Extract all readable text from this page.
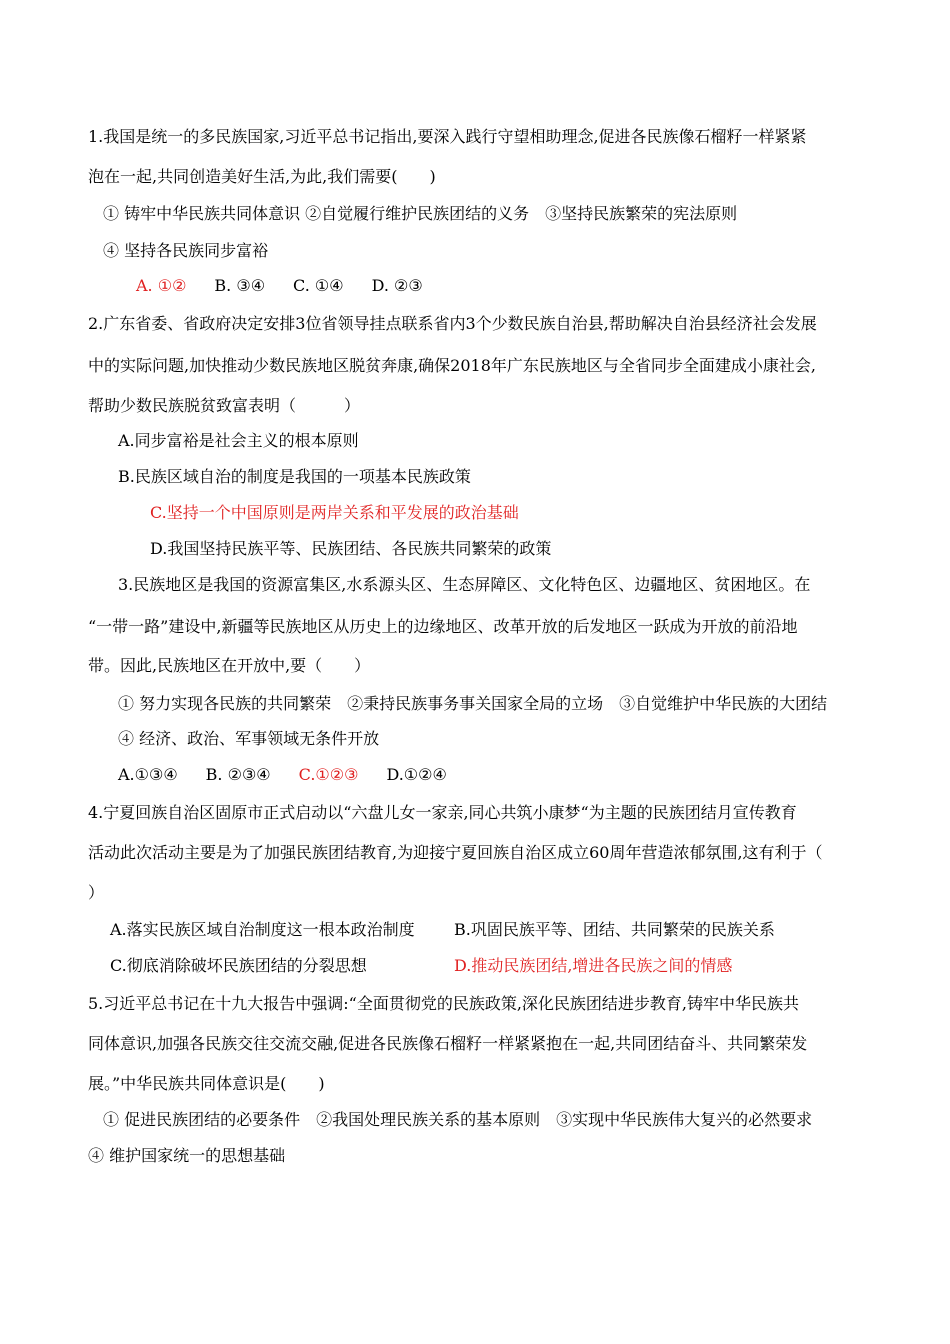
1.我国是统一的多民族国家,习近平总书记指出,要深入践行守望相助理念,促进各民族像石榴籽一样紧紧
泡在一起,共同创造美好生活,为此,我们需要(　　)
① 铸牢中华民族共同体意识 ②自觉履行维护民族团结的义务　③坚持民族繁荣的宪法原则
④ 坚持各民族同步富裕
A. ①② B. ③④ C. ①④ D. ②③
2.广东省委、省政府决定安排3位省领导挂点联系省内3个少数民族自治县,帮助解决自治县经济社会发展
中的实际问题,加快推动少数民族地区脱贫奔康,确保2018年广东民族地区与全省同步全面建成小康社会,
帮助少数民族脱贫致富表明（　　　）
A.同步富裕是社会主义的根本原则
B.民族区域自治的制度是我国的一项基本民族政策
C.坚持一个中国原则是两岸关系和平发展的政治基础
D.我国坚持民族平等、民族团结、各民族共同繁荣的政策
3.民族地区是我国的资源富集区,水系源头区、生态屏障区、文化特色区、边疆地区、贫困地区。在
“一带一路”建设中,新疆等民族地区从历史上的边缘地区、改革开放的后发地区一跃成为开放的前沿地
带。因此,民族地区在开放中,要（　　）
① 努力实现各民族的共同繁荣　②秉持民族事务事关国家全局的立场　③自觉维护中华民族的大团结
④ 经济、政治、军事领域无条件开放
A.①③④ B. ②③④ C.①②③ D.①②④
4.宁夏回族自治区固原市正式启动以“六盘儿女一家亲,同心共筑小康梦“为主题的民族团结月宣传教育
活动此次活动主要是为了加强民族团结教育,为迎接宁夏回族自治区成立60周年营造浓郁氛围,这有利于（
）
A.落实民族区域自治制度这一根本政治制度 B.巩固民族平等、团结、共同繁荣的民族关系
C.彻底消除破坏民族团结的分裂思想	D.推动民族团结,增进各民族之间的情感
5.习近平总书记在十九大报告中强调:“全面贯彻党的民族政策,深化民族团结进步教育,铸牢中华民族共
同体意识,加强各民族交往交流交融,促进各民族像石榴籽一样紧紧抱在一起,共同团结奋斗、共同繁荣发
展。”中华民族共同体意识是(　　)
① 促进民族团结的必要条件　②我国处理民族关系的基本原则　③实现中华民族伟大复兴的必然要求
④ 维护国家统一的思想基础
